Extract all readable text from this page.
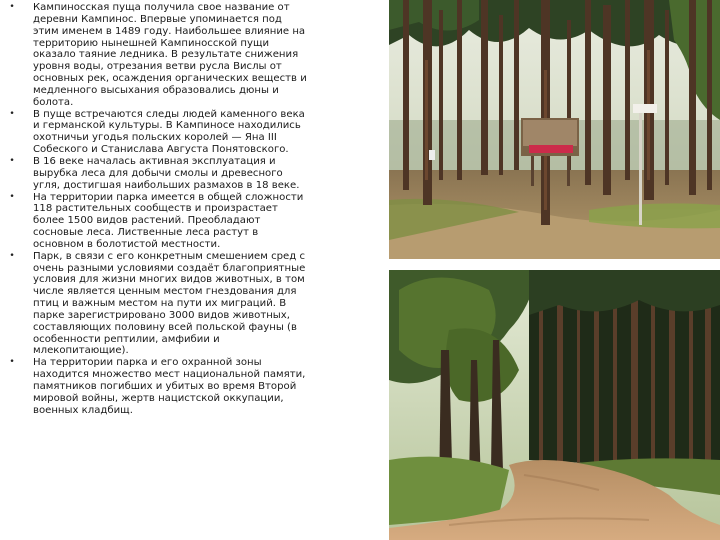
• Кампиносская пуща получила свое название от деревни Кампинос. Впервые упоминается под этим именем в 1489 году. Наибольшее влияние на территорию нынешней Кампиносской пущи оказало таяние ледника. В результате снижения уровня воды, отрезания ветви русла Вислы от основных рек, осаждения органических веществ и медленного высыхания образовались дюны и болота.
• В пуще встречаются следы людей каменного века и германской культуры. В Кампиносе находились охотничьи угодья польских королей — Яна III Собеского и Станислава Августа Понятовского.
• В 16 веке началась активная эксплуатация и вырубка леса для добычи смолы и древесного угля, достигшая наибольших размахов в 18 веке.
• На территории парка имеется в общей сложности 118 растительных сообществ и произрастает более 1500 видов растений. Преобладают сосновые леса. Лиственные леса растут в основном в болотистой местности.
• Парк, в связи с его конкретным смешением сред с очень разными условиями создаёт благоприятные условия для жизни многих видов животных, в том числе является ценным местом гнездования для птиц и важным местом на пути их миграций. В парке зарегистрировано 3000 видов животных, составляющих половину всей польской фауны (в особенности рептилии, амфибии и млекопитающие).
• На территории парка и его охранной зоны находится множество мест национальной памяти, памятников погибших и убитых во время Второй мировой войны, жертв нацистской оккупации, военных кладбищ.
